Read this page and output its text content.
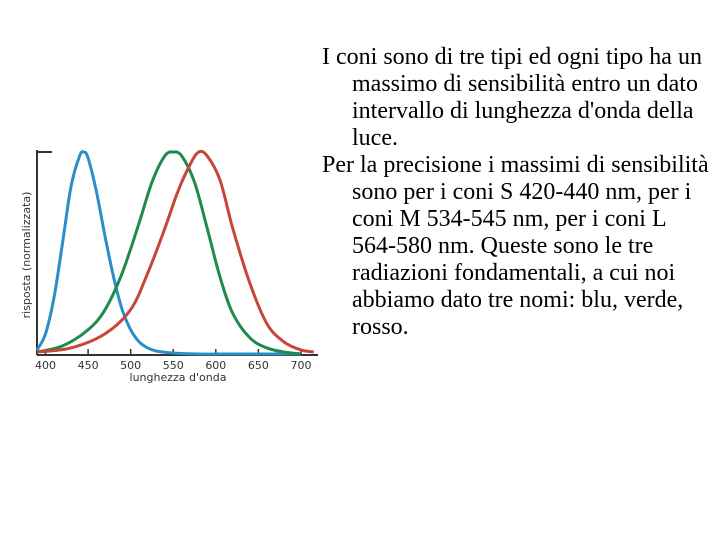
400 450 500 550 600 650 700
lunghezza d'onda
risposta (normalizzata)

I coni sono di tre tipi ed ogni tipo ha un massimo di sensibilità entro un dato intervallo di lunghezza d'onda della luce.

Per la precisione i massimi di sensibilità sono per i coni S 420-440 nm, per i coni M 534-545 nm, per i coni L 564-580 nm. Queste sono le tre radiazioni fondamentali, a cui noi abbiamo dato tre nomi: blu, verde, rosso.
